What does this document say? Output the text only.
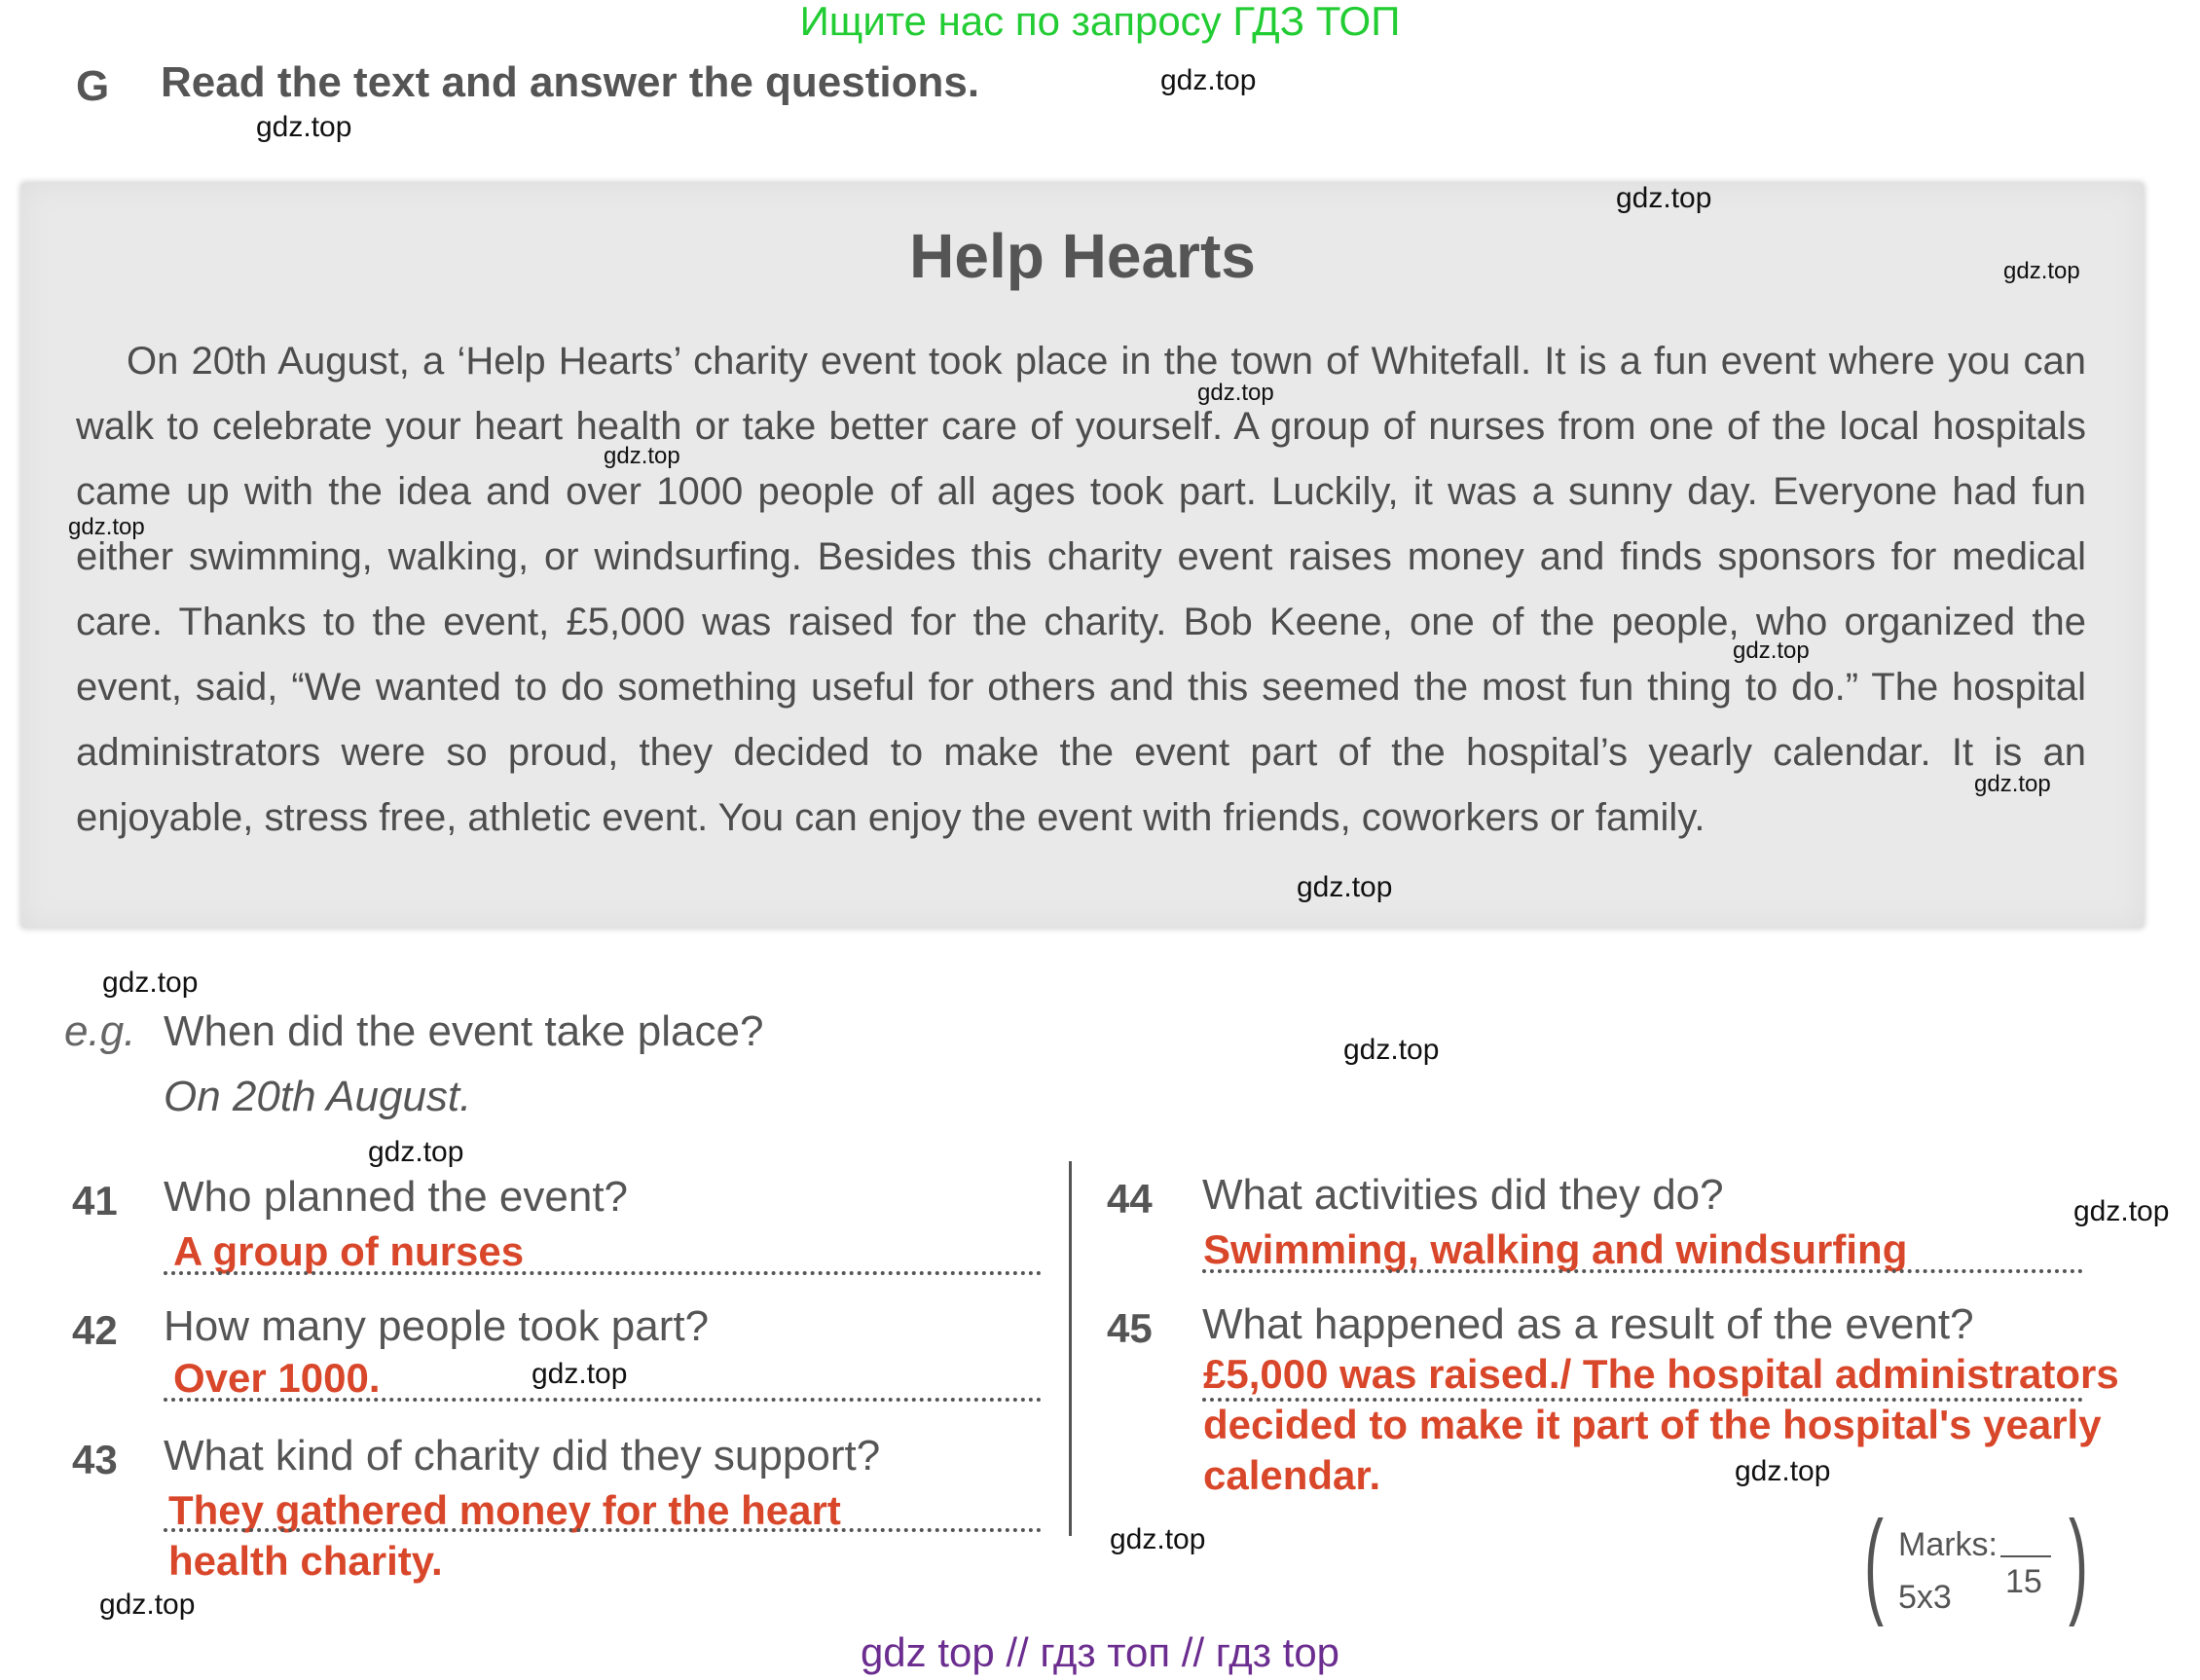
Ищите нас по запросу ГДЗ ТОП
G Read the text and answer the questions.
Help Hearts
On 20th August, a ‘Help Hearts’ charity event took place in the town of Whitefall. It is a fun event where you can walk to celebrate your heart health or take better care of yourself. A group of nurses from one of the local hospitals came up with the idea and over 1000 people of all ages took part. Luckily, it was a sunny day. Everyone had fun either swimming, walking, or windsurfing. Besides this charity event raises money and finds sponsors for medical care. Thanks to the event, £5,000 was raised for the charity. Bob Keene, one of the people, who organized the event, said, “We wanted to do something useful for others and this seemed the most fun thing to do.” The hospital administrators were so proud, they decided to make the event part of the hospital’s yearly calendar. It is an enjoyable, stress free, athletic event. You can enjoy the event with friends, coworkers or family.
e.g. When did the event take place?
On 20th August.
41 Who planned the event?
A group of nurses
42 How many people took part?
Over 1000.
43 What kind of charity did they support?
They gathered money for the heart health charity.
44 What activities did they do?
Swimming, walking and windsurfing
45 What happened as a result of the event?
£5,000 was raised./ The hospital administrators decided to make it part of the hospital's yearly calendar.
( Marks:
15
5x3 )
gdz.top
gdz.top
gdz.top
gdz.top
gdz.top
gdz.top
gdz.top
gdz.top
gdz.top
gdz.top
gdz.top
gdz.top
gdz.top
gdz.top
gdz.top
gdz.top
gdz.top
gdz.top
gdz top // гдз топ // гдз top
